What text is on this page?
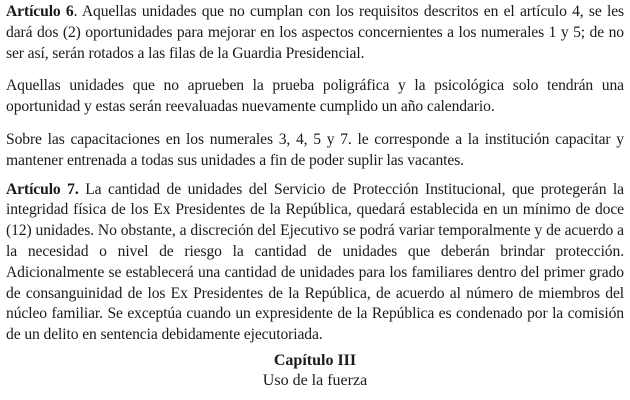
Artículo 6. Aquellas unidades que no cumplan con los requisitos descritos en el artículo 4, se les dará dos (2) oportunidades para mejorar en los aspectos concernientes a los numerales 1 y 5; de no ser así, serán rotados a las filas de la Guardia Presidencial.

Aquellas unidades que no aprueben la prueba poligráfica y la psicológica solo tendrán una oportunidad y estas serán reevaluadas nuevamente cumplido un año calendario.

Sobre las capacitaciones en los numerales 3, 4, 5 y 7. le corresponde a la institución capacitar y mantener entrenada a todas sus unidades a fin de poder suplir las vacantes.

Artículo 7. La cantidad de unidades del Servicio de Protección Institucional, que protegerán la integridad física de los Ex Presidentes de la República, quedará establecida en un mínimo de doce (12) unidades. No obstante, a discreción del Ejecutivo se podrá variar temporalmente y de acuerdo a la necesidad o nivel de riesgo la cantidad de unidades que deberán brindar protección. Adicionalmente se establecerá una cantidad de unidades para los familiares dentro del primer grado de consanguinidad de los Ex Presidentes de la República, de acuerdo al número de miembros del núcleo familiar. Se exceptúa cuando un expresidente de la República es condenado por la comisión de un delito en sentencia debidamente ejecutoriada.

Capítulo III

Uso de la fuerza
